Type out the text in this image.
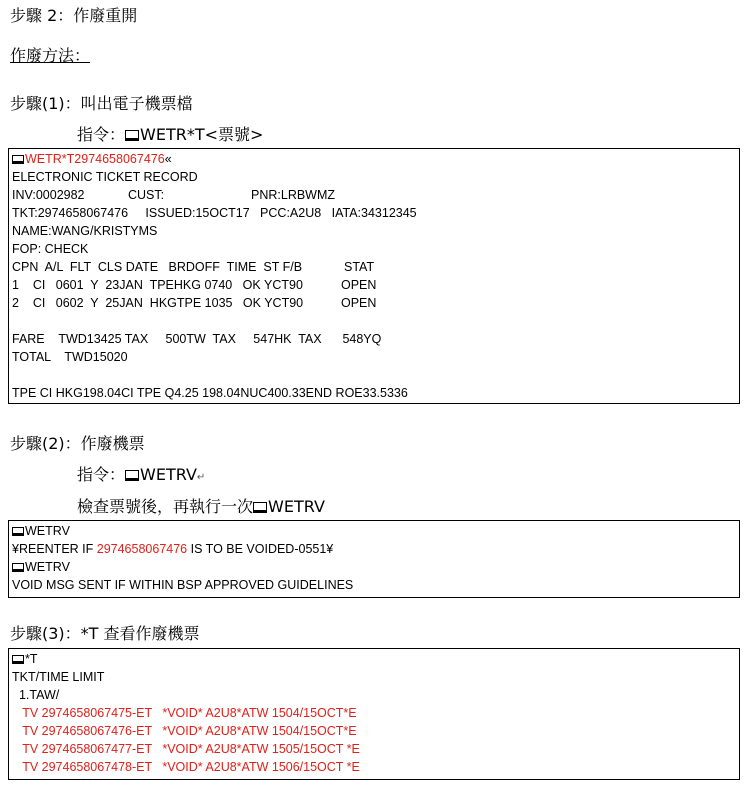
步驟 2：作廢重開
作廢方法：
步驟(1)：叫出電子機票檔
指令： WETR*T<票號>
WETR*T2974658067476«
ELECTRONIC TICKET RECORD
INV:0002982	CUST:	PNR:LRBWMZ
TKT:2974658067476     ISSUED:15OCT17   PCC:A2U8   IATA:34312345
NAME:WANG/KRISTYMS
FOP: CHECK
CPN  A/L  FLT  CLS DATE   BRDOFF  TIME  ST F/B	STAT
1    CI   0601  Y  23JAN  TPEHKG 0740   OK YCT90	OPEN
2    CI   0602  Y  25JAN  HKGTPE 1035   OK YCT90	OPEN
FARE    TWD13425 TAX     500TW  TAX     547HK  TAX      548YQ
TOTAL    TWD15020
TPE CI HKG198.04CI TPE Q4.25 198.04NUC400.33END ROE33.5336
步驟(2)：作廢機票
指令： WETRV↵
檢查票號後，再執行一次 WETRV
WETRV
¥REENTER IF 2974658067476 IS TO BE VOIDED-0551¥
WETRV
VOID MSG SENT IF WITHIN BSP APPROVED GUIDELINES
步驟(3)：*T 查看作廢機票
*T
TKT/TIME LIMIT
1.TAW/
TV 2974658067475-ET   *VOID* A2U8*ATW 1504/15OCT*E
TV 2974658067476-ET   *VOID* A2U8*ATW 1504/15OCT*E
TV 2974658067477-ET   *VOID* A2U8*ATW 1505/15OCT *E
TV 2974658067478-ET   *VOID* A2U8*ATW 1506/15OCT *E
